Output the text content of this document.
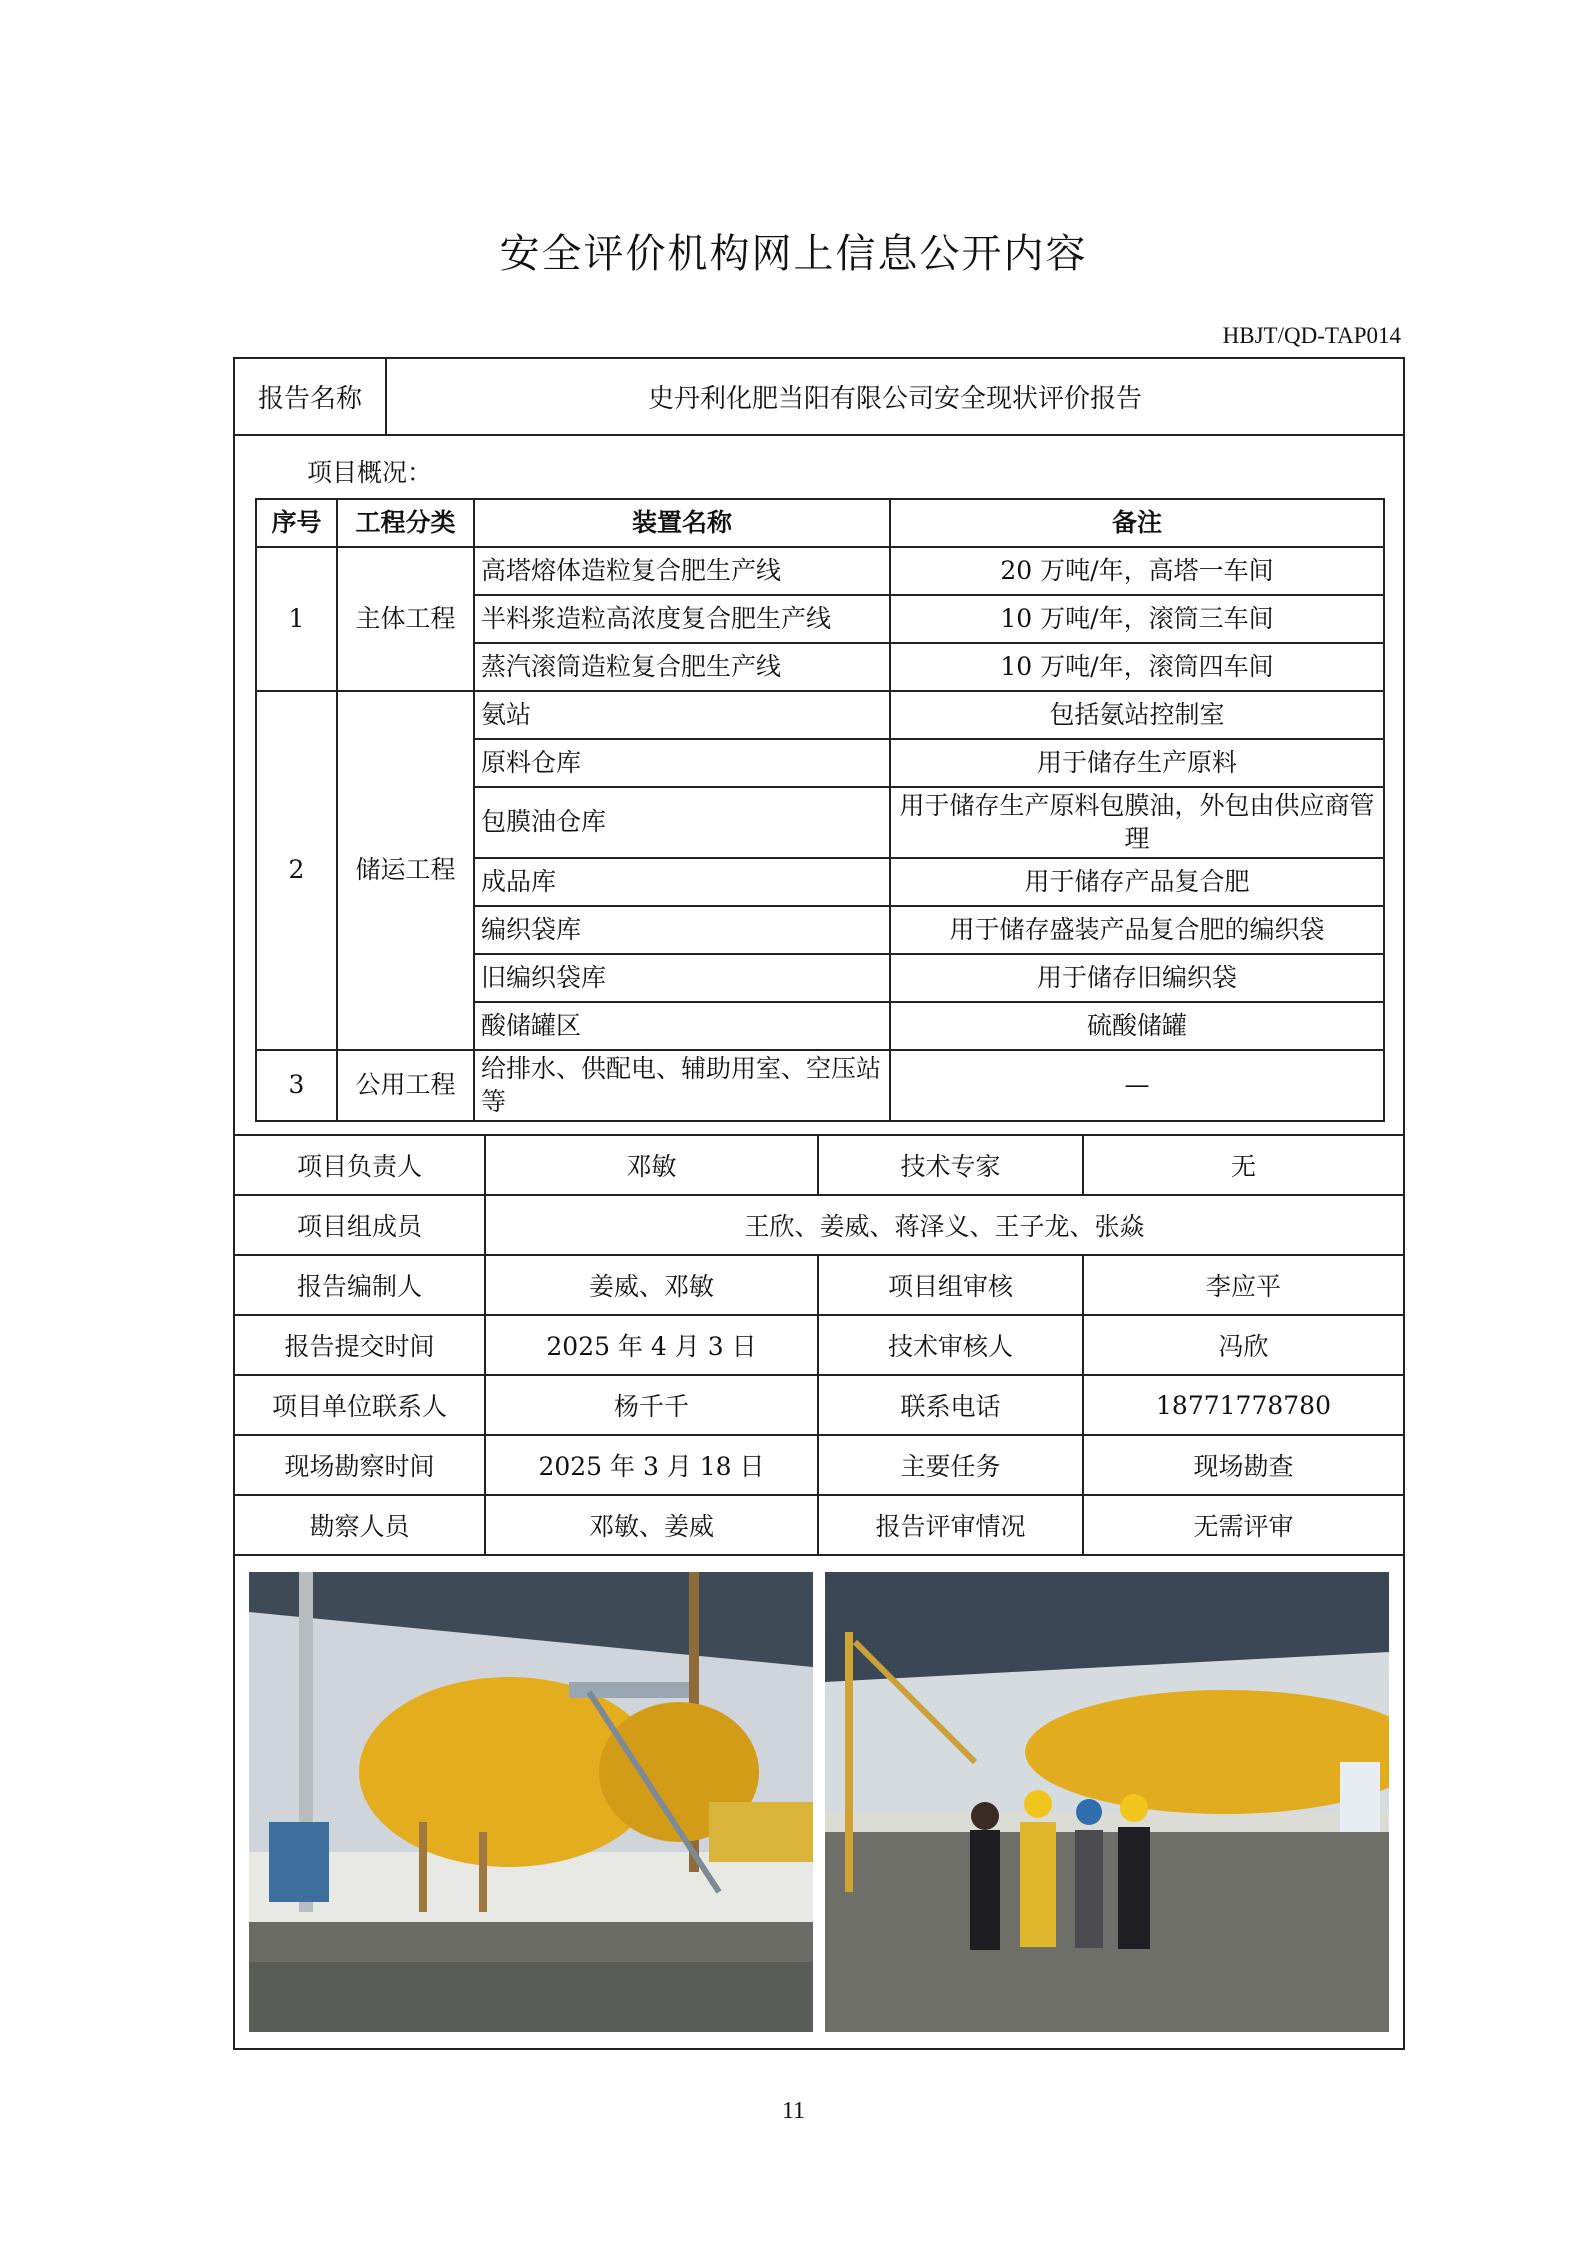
安全评价机构网上信息公开内容
HBJT/QD-TAP014
报告名称	史丹利化肥当阳有限公司安全现状评价报告
项目概况：
序号	工程分类	装置名称	备注
1	主体工程	高塔熔体造粒复合肥生产线	20 万吨/年，高塔一车间
		半料浆造粒高浓度复合肥生产线	10 万吨/年，滚筒三车间
		蒸汽滚筒造粒复合肥生产线	10 万吨/年，滚筒四车间
2	储运工程	氨站	包括氨站控制室
		原料仓库	用于储存生产原料
		包膜油仓库	用于储存生产原料包膜油，外包由供应商管理
		成品库	用于储存产品复合肥
		编织袋库	用于储存盛装产品复合肥的编织袋
		旧编织袋库	用于储存旧编织袋
		酸储罐区	硫酸储罐
3	公用工程	给排水、供配电、辅助用室、空压站等	—
项目负责人	邓敏	技术专家	无
项目组成员	王欣、姜威、蒋泽义、王子龙、张焱		
报告编制人	姜威、邓敏	项目组审核	李应平
报告提交时间	2025 年 4 月 3 日	技术审核人	冯欣
项目单位联系人	杨千千	联系电话	18771778780
现场勘察时间	2025 年 3 月 18 日	主要任务	现场勘查
勘察人员	邓敏、姜威	报告评审情况	无需评审
11
